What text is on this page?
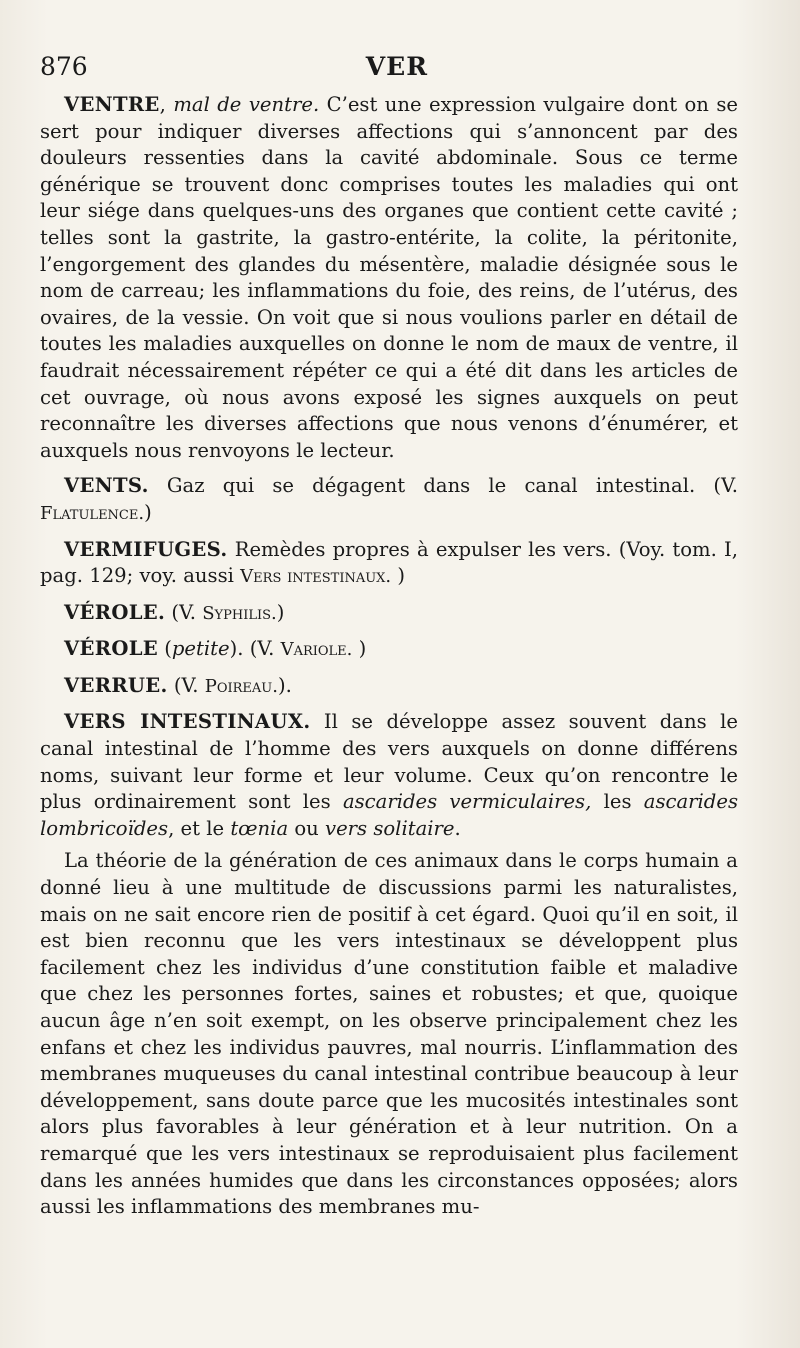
876	VER

VENTRE, mal de ventre. C’est une expression vulgaire dont on se sert pour indiquer diverses affections qui s’annoncent par des douleurs ressenties dans la cavité abdominale. Sous ce terme générique se trouvent donc comprises toutes les maladies qui ont leur siége dans quelques-uns des organes que contient cette cavité ; telles sont la gastrite, la gastro-entérite, la colite, la péritonite, l’engorgement des glandes du mésentère, maladie désignée sous le nom de carreau; les inflammations du foie, des reins, de l’utérus, des ovaires, de la vessie. On voit que si nous voulions parler en détail de toutes les maladies auxquelles on donne le nom de maux de ventre, il faudrait nécessairement répéter ce qui a été dit dans les articles de cet ouvrage, où nous avons exposé les signes auxquels on peut reconnaître les diverses affections que nous venons d’énumérer, et auxquels nous renvoyons le lecteur.

VENTS. Gaz qui se dégagent dans le canal intestinal. (V. Flatulence.)

VERMIFUGES. Remèdes propres à expulser les vers. (Voy. tom. I, pag. 129; voy. aussi Vers intestinaux. )

VÉROLE. (V. Syphilis.)

VÉROLE (petite). (V. Variole. )

VERRUE. (V. Poireau.).

VERS INTESTINAUX. Il se développe assez souvent dans le canal intestinal de l’homme des vers auxquels on donne différens noms, suivant leur forme et leur volume. Ceux qu’on rencontre le plus ordinairement sont les ascarides vermiculaires, les ascarides lombricoïdes, et le tœnia ou vers solitaire.

La théorie de la génération de ces animaux dans le corps humain a donné lieu à une multitude de discussions parmi les naturalistes, mais on ne sait encore rien de positif à cet égard. Quoi qu’il en soit, il est bien reconnu que les vers intestinaux se développent plus facilement chez les individus d’une constitution faible et maladive que chez les personnes fortes, saines et robustes; et que, quoique aucun âge n’en soit exempt, on les observe principalement chez les enfans et chez les individus pauvres, mal nourris. L’inflammation des membranes muqueuses du canal intestinal contribue beaucoup à leur développement, sans doute parce que les mucosités intestinales sont alors plus favorables à leur génération et à leur nutrition. On a remarqué que les vers intestinaux se reproduisaient plus facilement dans les années humides que dans les circonstances opposées; alors aussi les inflammations des membranes mu-
